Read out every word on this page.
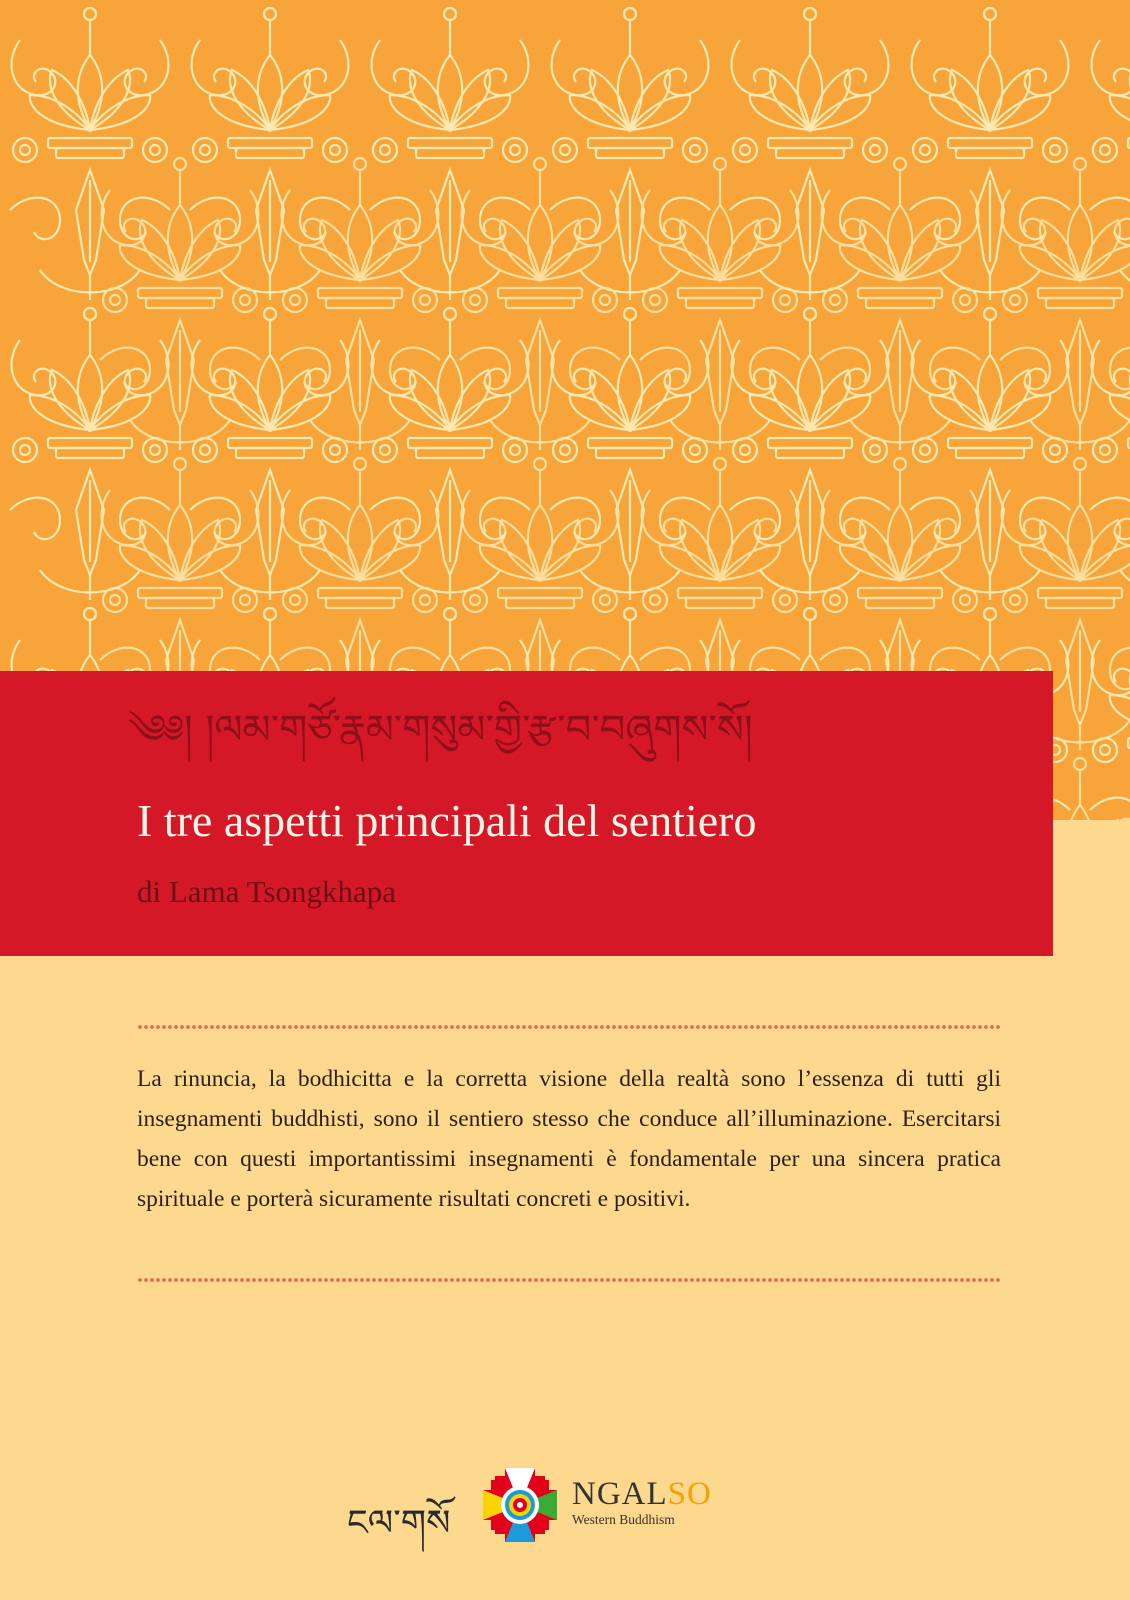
༄༅། །ལམ་གཙོ་རྣམ་གསུམ་གྱི་རྩ་བ་བཞུགས་སོ།
I tre aspetti principali del sentiero
di Lama Tsongkhapa

La rinuncia, la bodhicitta e la corretta visione della realtà sono l’essenza di tutti gli insegnamenti buddhisti, sono il sentiero stesso che conduce all’illuminazione. Esercitarsi bene con questi importantissimi insegnamenti è fondamentale per una sincera pratica spirituale e porterà sicuramente risultati concreti e positivi.

ངལ་གསོ
NGALSO
Western Buddhism
